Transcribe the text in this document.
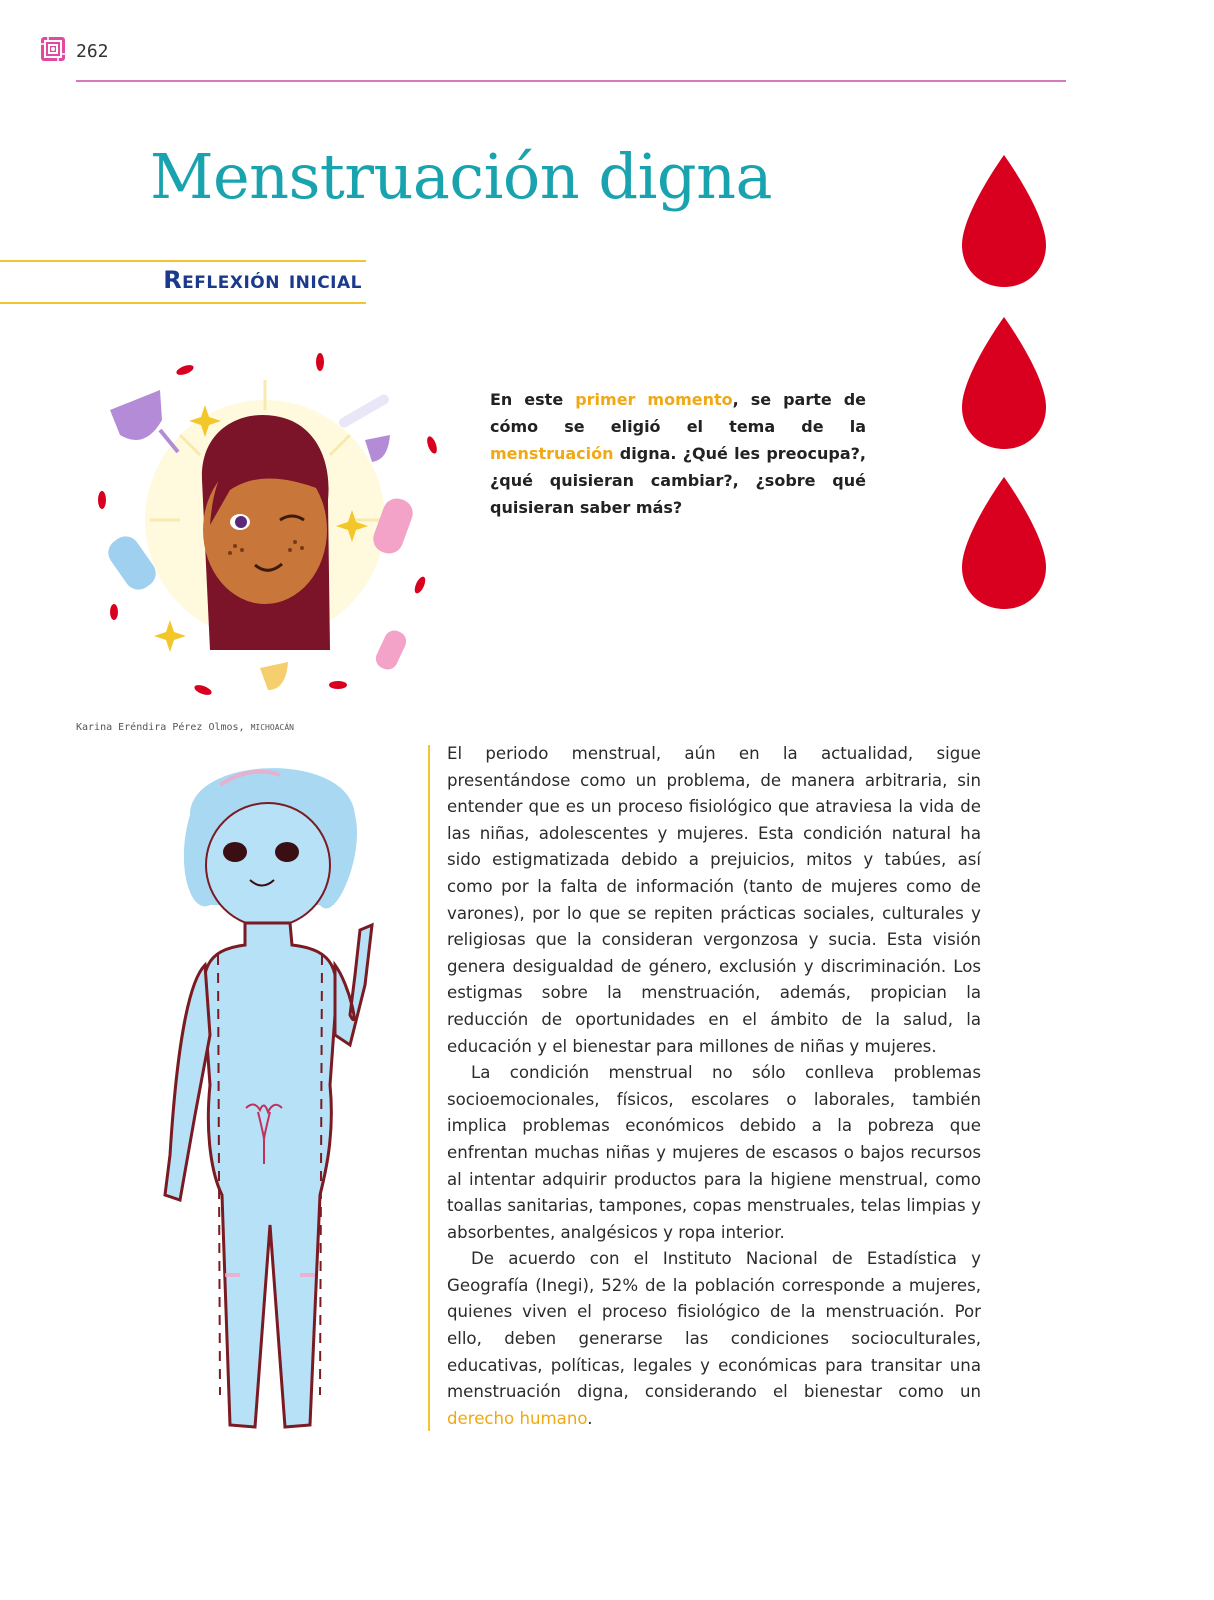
262
Menstruación digna
Reflexión inicial

En este primer momento, se parte de cómo se eligió el tema de la menstruación digna. ¿Qué les preocupa?, ¿qué quisieran cambiar?, ¿sobre qué quisieran saber más?

Karina Eréndira Pérez Olmos, MICHOACÁN

El periodo menstrual, aún en la actualidad, sigue presentándose como un problema, de manera arbitraria, sin entender que es un proceso fisiológico que atraviesa la vida de las niñas, adolescentes y mujeres. Esta condición natural ha sido estigmatizada debido a prejuicios, mitos y tabúes, así como por la falta de información (tanto de mujeres como de varones), por lo que se repiten prácticas sociales, culturales y religiosas que la consideran vergonzosa y sucia. Esta visión genera desigualdad de género, exclusión y discriminación. Los estigmas sobre la menstruación, además, propician la reducción de oportunidades en el ámbito de la salud, la educación y el bienestar para millones de niñas y mujeres.

La condición menstrual no sólo conlleva problemas socioemocionales, físicos, escolares o laborales, también implica problemas económicos debido a la pobreza que enfrentan muchas niñas y mujeres de escasos o bajos recursos al intentar adquirir productos para la higiene menstrual, como toallas sanitarias, tampones, copas menstruales, telas limpias y absorbentes, analgésicos y ropa interior.

De acuerdo con el Instituto Nacional de Estadística y Geografía (Inegi), 52% de la población corresponde a mujeres, quienes viven el proceso fisiológico de la menstruación. Por ello, deben generarse las condiciones socioculturales, educativas, políticas, legales y económicas para transitar una menstruación digna, considerando el bienestar como un derecho humano.
